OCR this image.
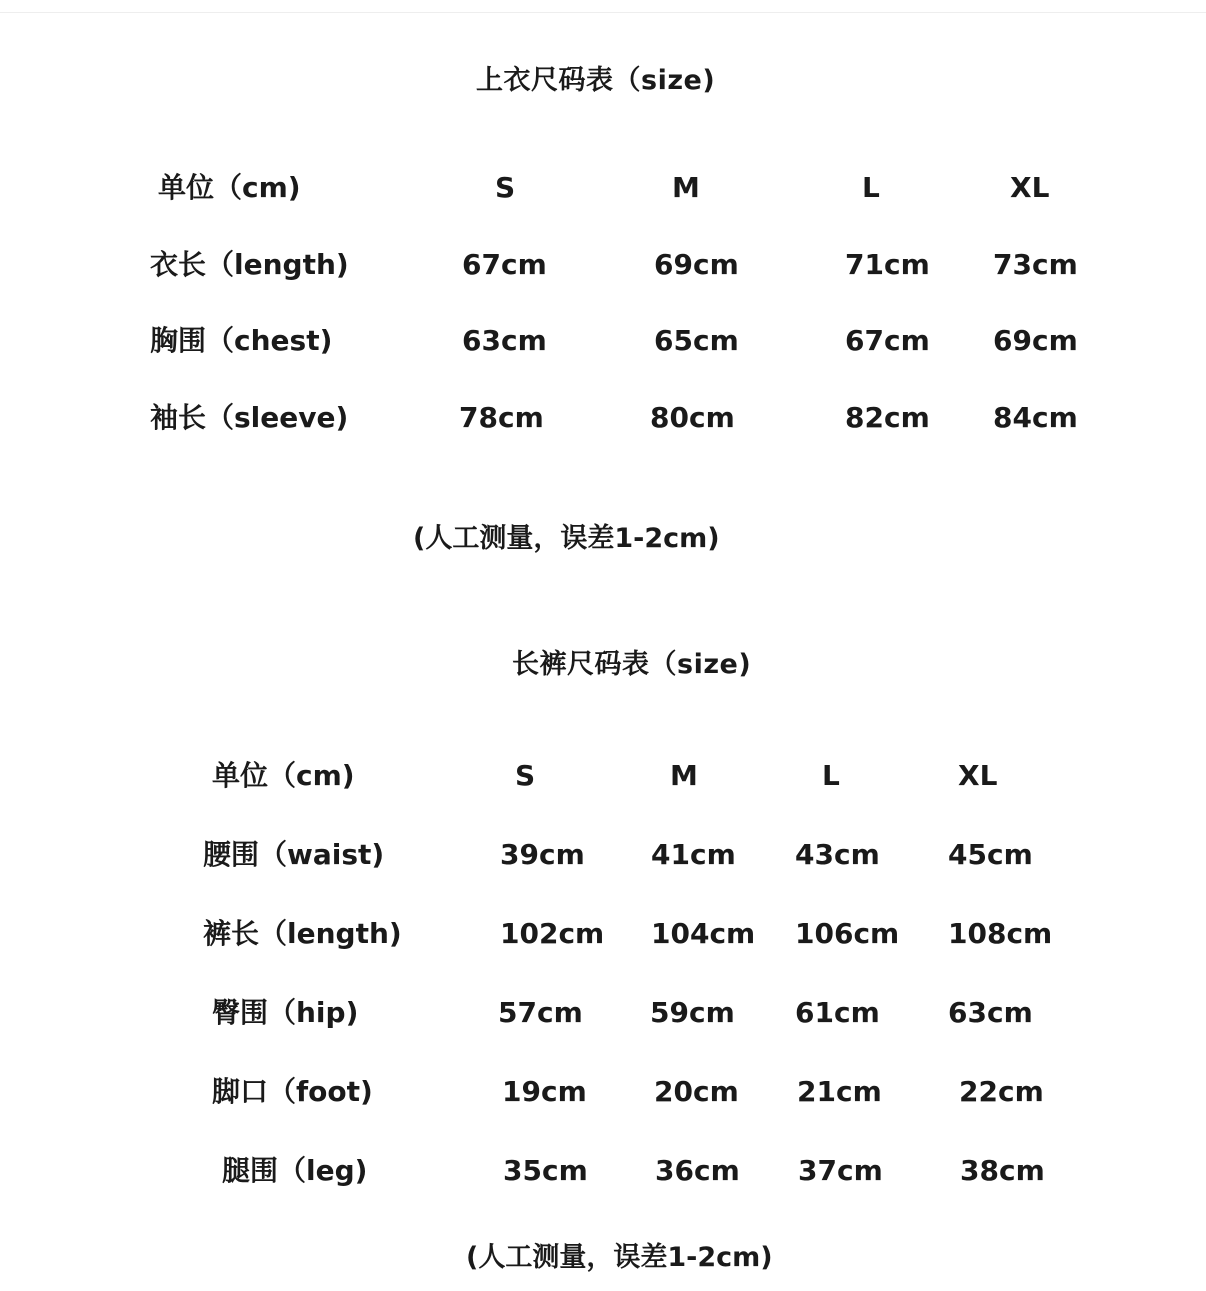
上衣尺码表（size)
单位（cm)	S	M	L	XL
衣长（length)	67cm	69cm	71cm 73cm
胸围（chest)	63cm	65cm	67cm 69cm
袖长（sleeve)	78cm	80cm	82cm 84cm
(人工测量，误差1-2cm)
长裤尺码表（size)
单位（cm)	S	M	L	XL
腰围（waist)	39cm 41cm 43cm 45cm
裤长（length)	102cm 104cm 106cm 108cm
臀围（hip)	57cm 59cm 61cm 63cm
脚口（foot)	19cm 20cm 21cm	22cm
腿围（leg)	35cm 36cm 37cm	38cm
(人工测量，误差1-2cm)
